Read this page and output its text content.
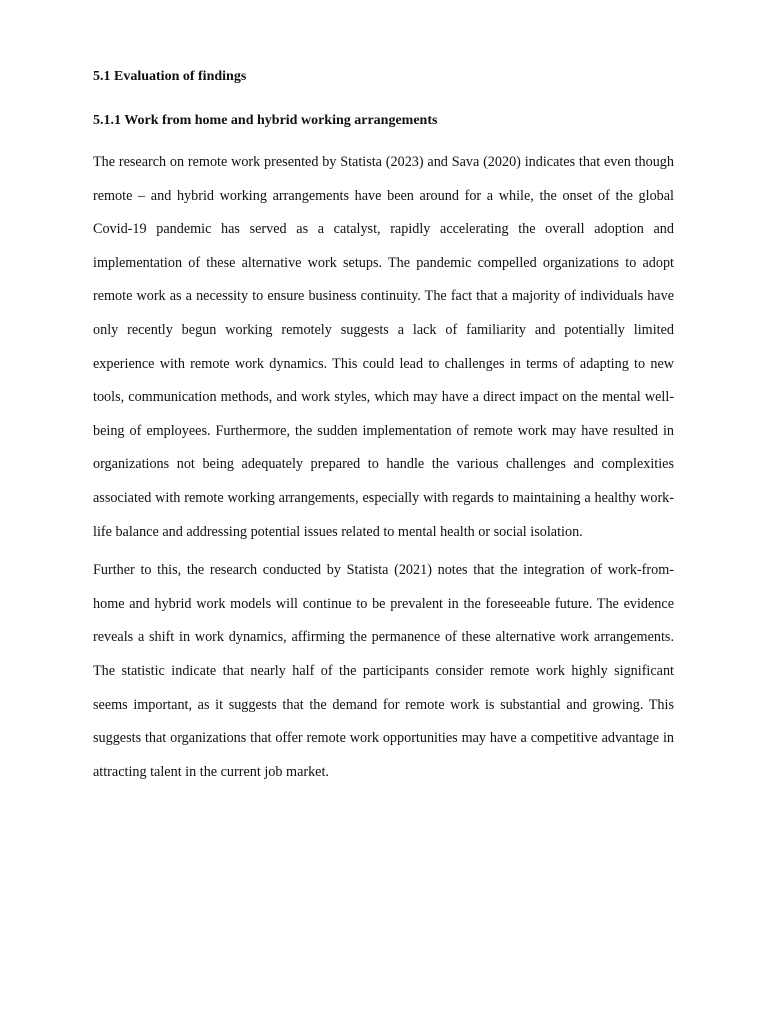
5.1 Evaluation of findings
5.1.1 Work from home and hybrid working arrangements

The research on remote work presented by Statista (2023) and Sava (2020) indicates that even though remote – and hybrid working arrangements have been around for a while, the onset of the global Covid-19 pandemic has served as a catalyst, rapidly accelerating the overall adoption and implementation of these alternative work setups. The pandemic compelled organizations to adopt remote work as a necessity to ensure business continuity. The fact that a majority of individuals have only recently begun working remotely suggests a lack of familiarity and potentially limited experience with remote work dynamics. This could lead to challenges in terms of adapting to new tools, communication methods, and work styles, which may have a direct impact on the mental well-being of employees. Furthermore, the sudden implementation of remote work may have resulted in organizations not being adequately prepared to handle the various challenges and complexities associated with remote working arrangements, especially with regards to maintaining a healthy work-life balance and addressing potential issues related to mental health or social isolation.

Further to this, the research conducted by Statista (2021) notes that the integration of work-from-home and hybrid work models will continue to be prevalent in the foreseeable future. The evidence reveals a shift in work dynamics, affirming the permanence of these alternative work arrangements. The statistic indicate that nearly half of the participants consider remote work highly significant seems important, as it suggests that the demand for remote work is substantial and growing. This suggests that organizations that offer remote work opportunities may have a competitive advantage in attracting talent in the current job market.
